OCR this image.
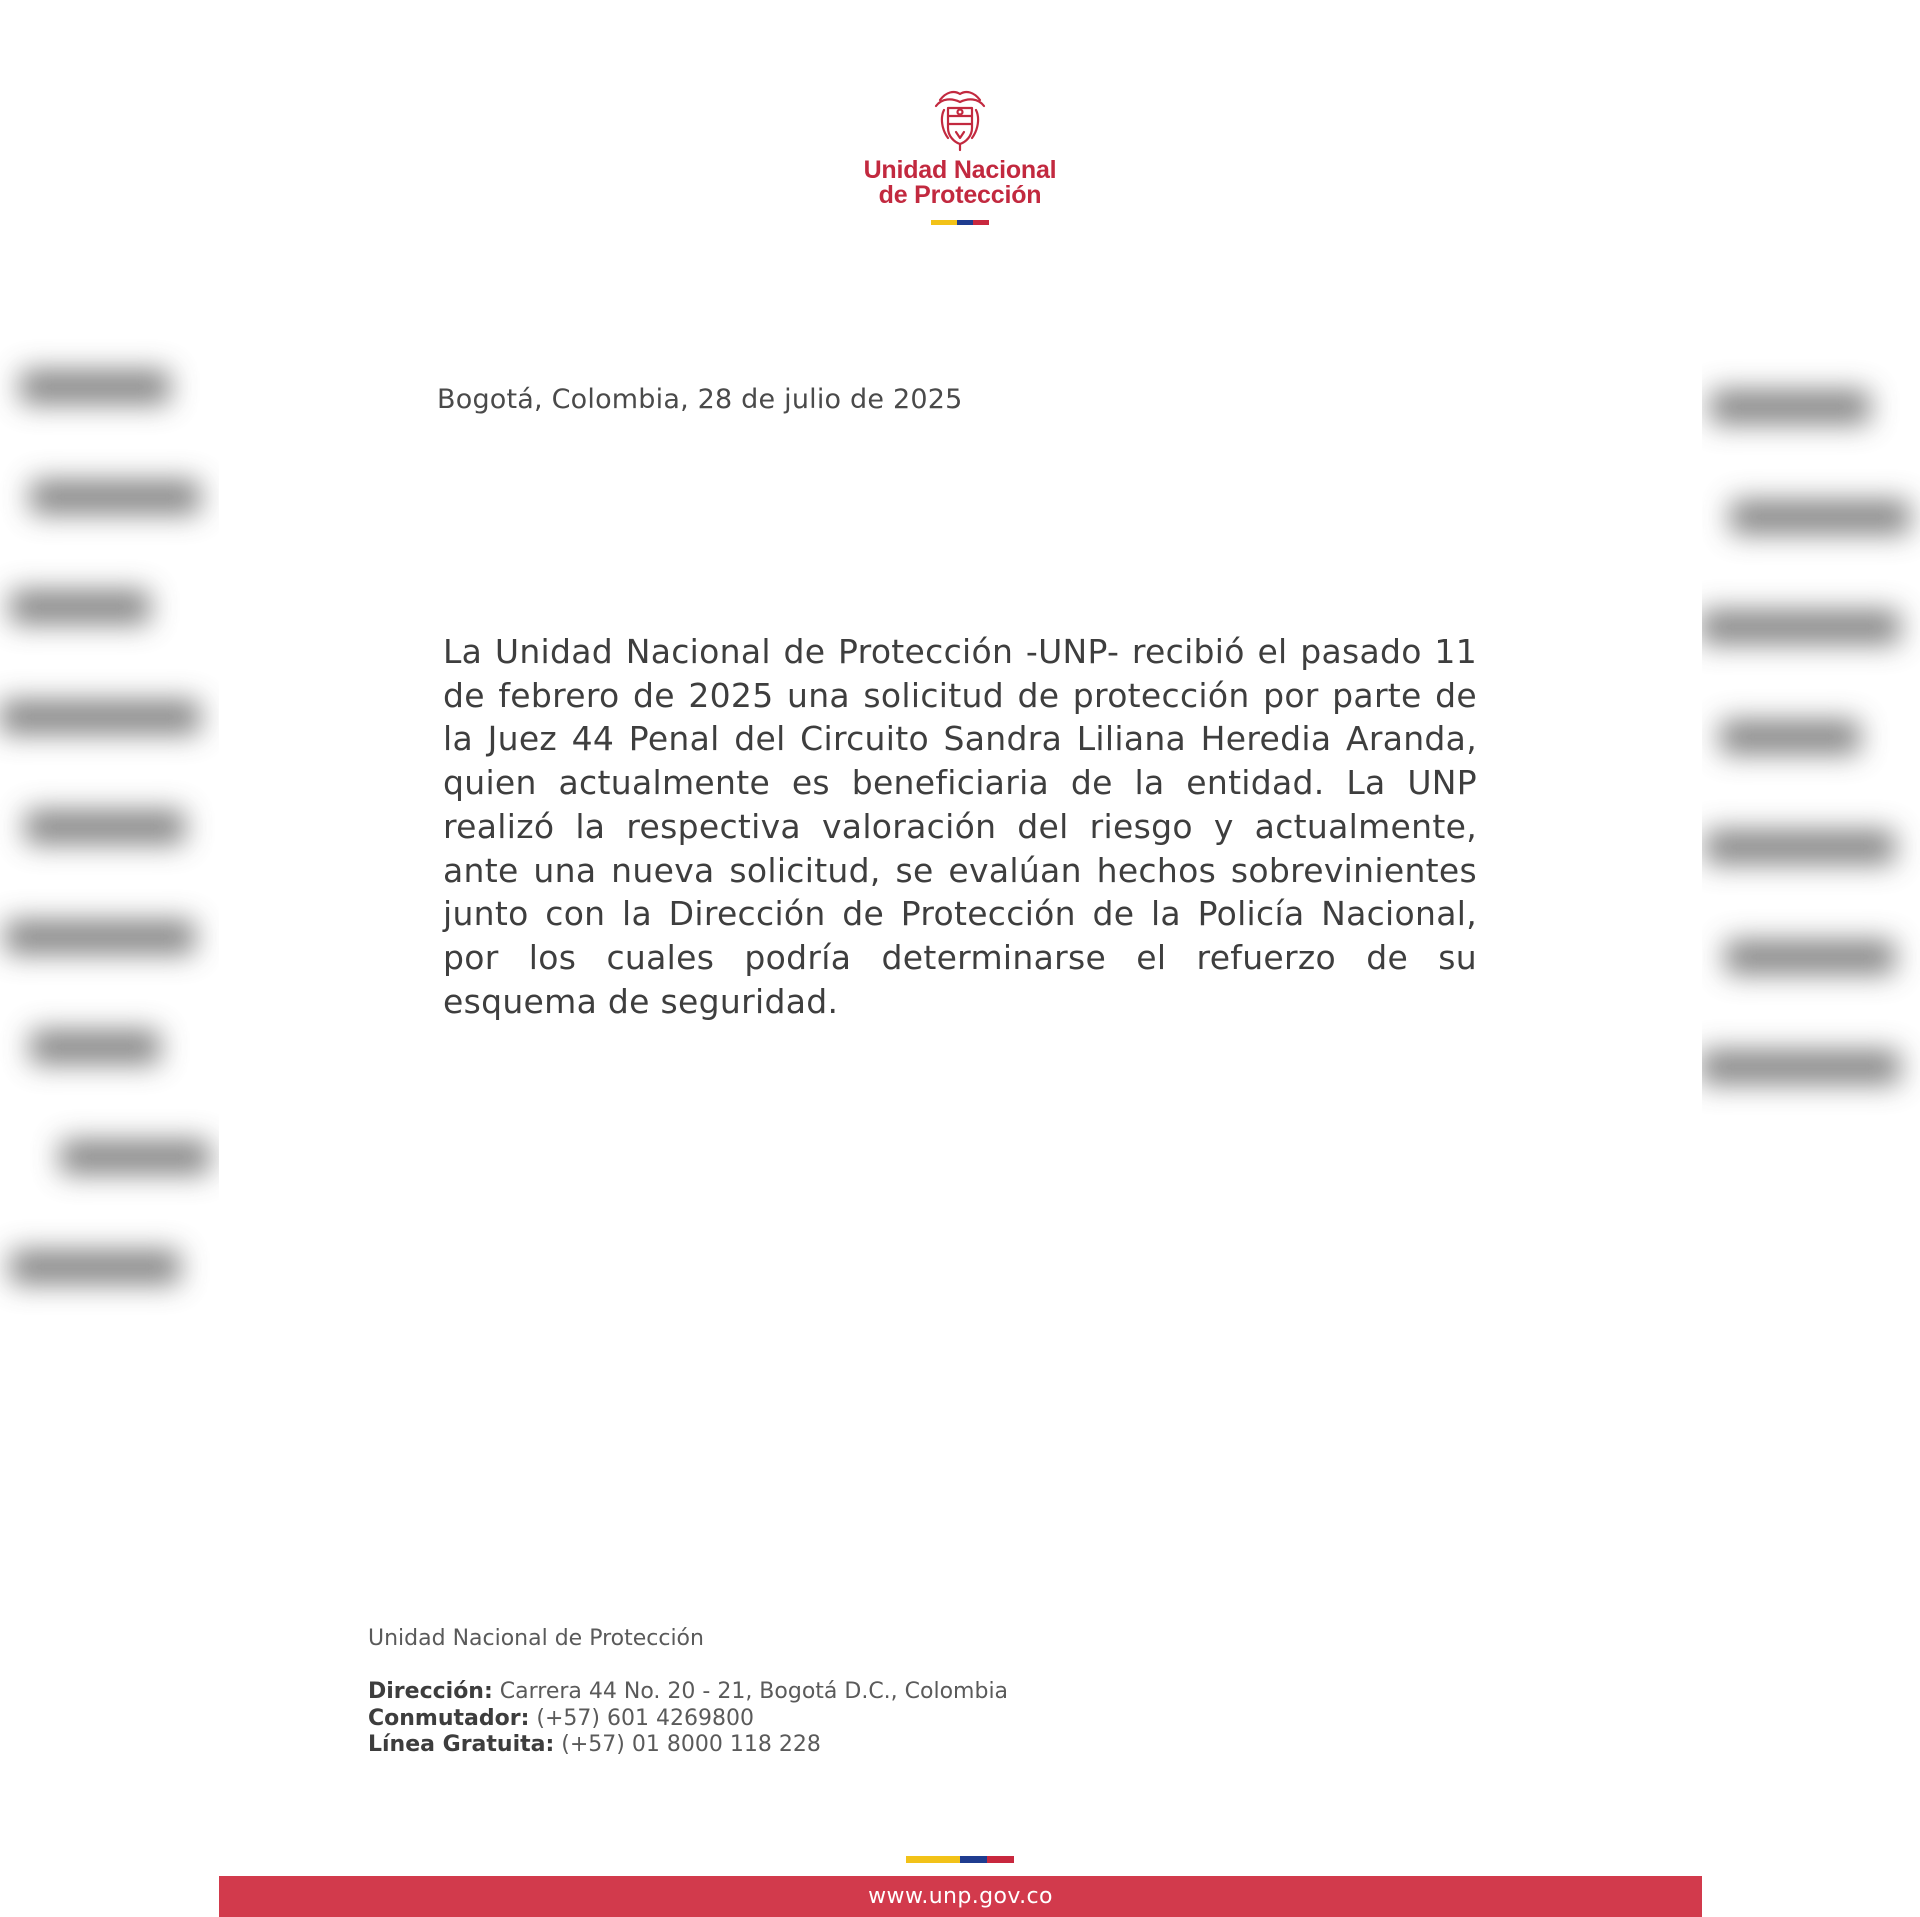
Unidad Nacional
de Protección
Bogotá, Colombia, 28 de julio de 2025

La Unidad Nacional de Protección -UNP- recibió el pasado 11 de febrero de 2025 una solicitud de protección por parte de la Juez 44 Penal del Circuito Sandra Liliana Heredia Aranda, quien actualmente es beneficiaria de la entidad. La UNP realizó la respectiva valoración del riesgo y actualmente, ante una nueva solicitud, se evalúan hechos sobrevinientes junto con la Dirección de Protección de la Policía Nacional, por los cuales podría determinarse el refuerzo de su esquema de seguridad.

Unidad Nacional de Protección
Dirección: Carrera 44 No. 20 - 21, Bogotá D.C., Colombia
Conmutador: (+57) 601 4269800
Línea Gratuita: (+57) 01 8000 118 228
www.unp.gov.co
